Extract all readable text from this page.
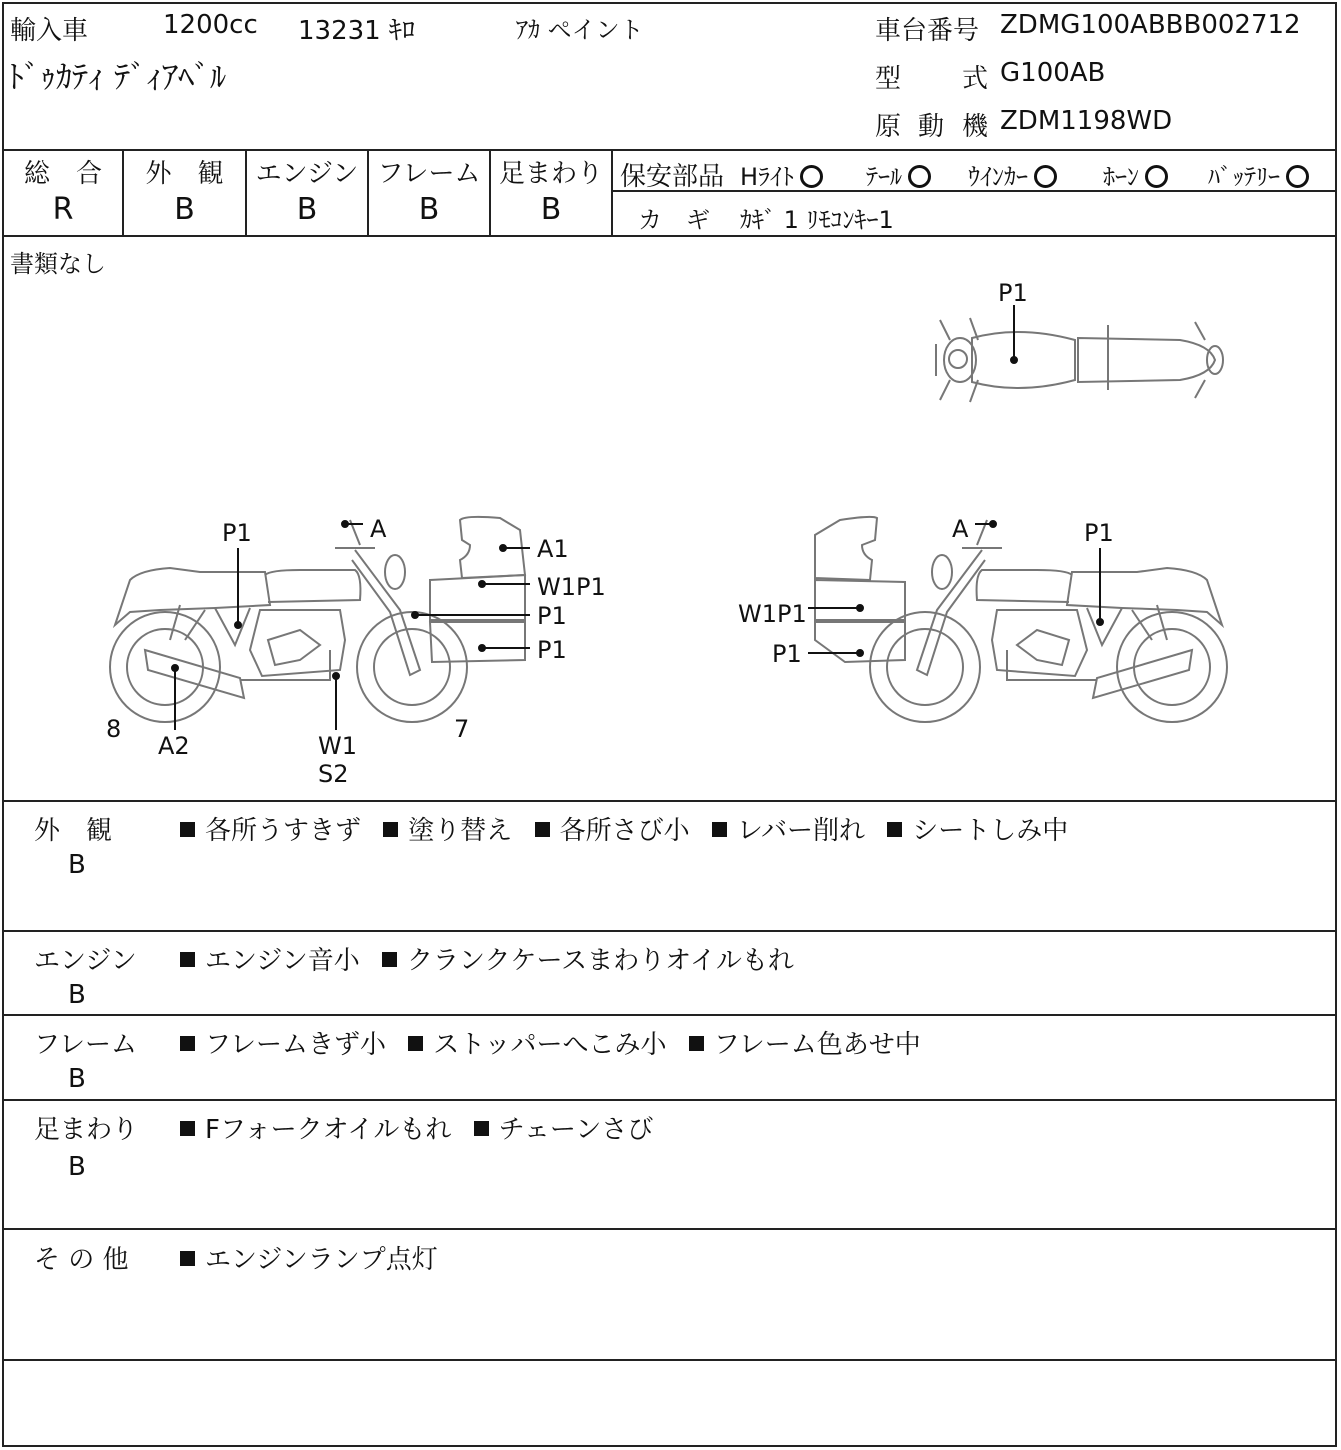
輸入車	1200cc 13231 ｷﾛ	ｱｶ ペイント
ﾄﾞｩｶﾃｨ ﾃﾞｨｱﾍﾞﾙ
車台番号 ZDMG100ABBB002712
型 式 G100AB
原 動 機 ZDM1198WD
総　合	外　観	エンジン フレーム 足まわり
R	B	B	B	B
保安部品 Hﾗｲﾄ	ﾃｰﾙ	ｳｲﾝｶｰ	ﾎｰﾝ	ﾊﾞｯﾃﾘｰ
カ　ギ ｶｷﾞ 1 ﾘﾓｺﾝｷｰ1
書類なし
P1
P1	A
A1
W1P1
P1
P1
8
A2	W1
S2
7
P1
A
W1P1
P1
外　観
B
各所うすきず 塗り替え 各所さび小 レバー削れ シートしみ中
エンジン
B
エンジン音小 クランクケースまわりオイルもれ
フレーム
B
フレームきず小 ストッパーへこみ小 フレーム色あせ中
足まわり
B
Fフォークオイルもれ チェーンさび
そ の 他	エンジンランプ点灯
